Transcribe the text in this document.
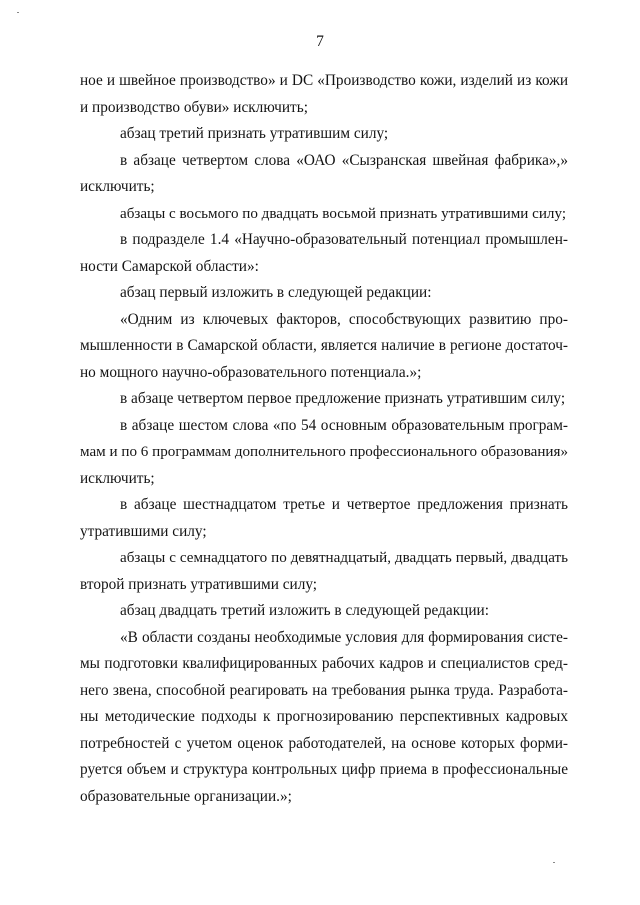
7
ное и швейное производство» и DC «Производство кожи, изделий из кожи
и производство обуви» исключить;
абзац третий признать утратившим силу;
в абзаце четвертом слова «ОАО «Сызранская швейная фабрика»,»
исключить;
абзацы с восьмого по двадцать восьмой признать утратившими силу;
в подразделе 1.4 «Научно-образовательный потенциал промышлен-
ности Самарской области»:
абзац первый изложить в следующей редакции:
«Одним из ключевых факторов, способствующих развитию про-
мышленности в Самарской области, является наличие в регионе достаточ-
но мощного научно-образовательного потенциала.»;
в абзаце четвертом первое предложение признать утратившим силу;
в абзаце шестом слова «по 54 основным образовательным програм-
мам и по 6 программам дополнительного профессионального образования»
исключить;
в абзаце шестнадцатом третье и четвертое предложения признать
утратившими силу;
абзацы с семнадцатого по девятнадцатый, двадцать первый, двадцать
второй признать утратившими силу;
абзац двадцать третий изложить в следующей редакции:
«В области созданы необходимые условия для формирования систе-
мы подготовки квалифицированных рабочих кадров и специалистов сред-
него звена, способной реагировать на требования рынка труда. Разработа-
ны методические подходы к прогнозированию перспективных кадровых
потребностей с учетом оценок работодателей, на основе которых форми-
руется объем и структура контрольных цифр приема в профессиональные
образовательные организации.»;
